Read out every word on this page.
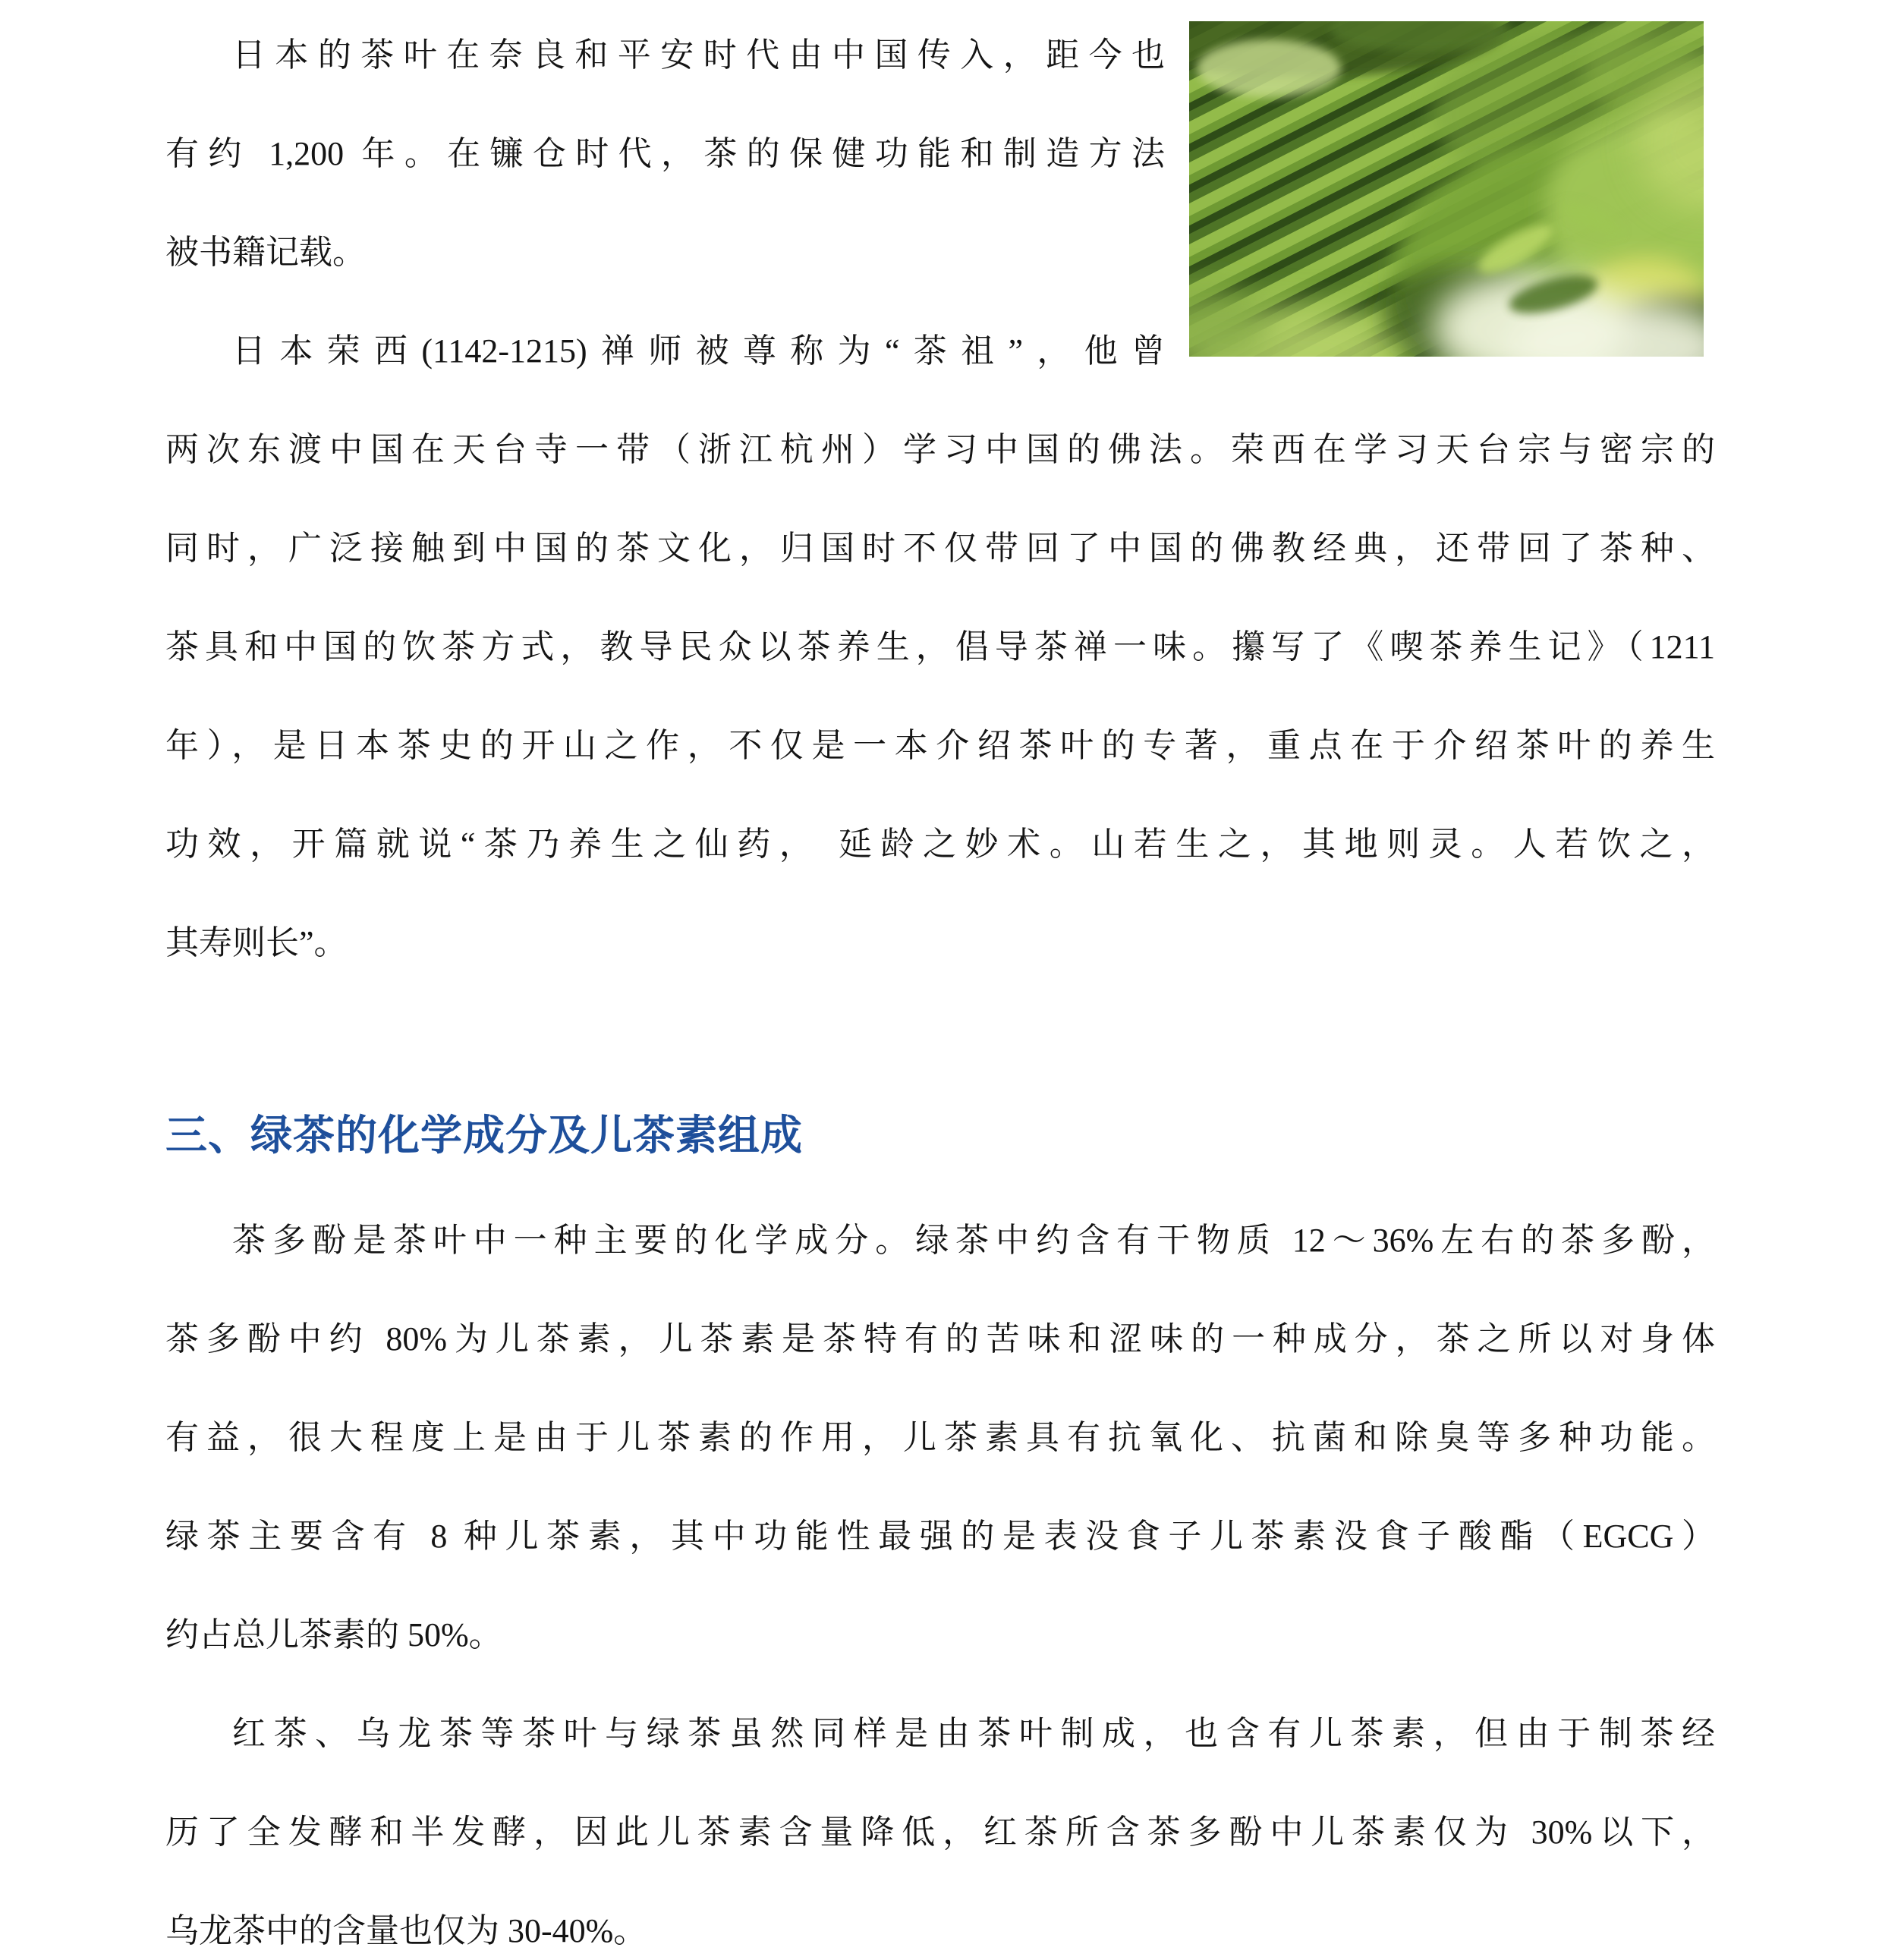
日本的茶叶在奈良和平安时代由中国传入，距今也
有约 1,200 年。在镰仓时代，茶的保健功能和制造方法
被书籍记载。
日本荣西(1142-1215)禅师被尊称为“茶祖”，他曾
两次东渡中国在天台寺一带（浙江杭州）学习中国的佛法。荣西在学习天台宗与密宗的
同时，广泛接触到中国的茶文化，归国时不仅带回了中国的佛教经典，还带回了茶种、
茶具和中国的饮茶方式，教导民众以茶养生，倡导茶禅一味。攥写了《喫茶养生记》（1211
年），是日本茶史的开山之作，不仅是一本介绍茶叶的专著，重点在于介绍茶叶的养生
功效，开篇就说“茶乃养生之仙药， 延龄之妙术。山若生之，其地则灵。人若饮之，
其寿则长”。
三、绿茶的化学成分及儿茶素组成
茶多酚是茶叶中一种主要的化学成分。绿茶中约含有干物质 12～36%左右的茶多酚，
茶多酚中约 80%为儿茶素，儿茶素是茶特有的苦味和涩味的一种成分，茶之所以对身体
有益，很大程度上是由于儿茶素的作用，儿茶素具有抗氧化、抗菌和除臭等多种功能。
绿茶主要含有 8 种儿茶素，其中功能性最强的是表没食子儿茶素没食子酸酯（EGCG）
约占总儿茶素的 50%。
红茶、乌龙茶等茶叶与绿茶虽然同样是由茶叶制成，也含有儿茶素，但由于制茶经
历了全发酵和半发酵，因此儿茶素含量降低，红茶所含茶多酚中儿茶素仅为 30%以下，
乌龙茶中的含量也仅为 30-40%。
